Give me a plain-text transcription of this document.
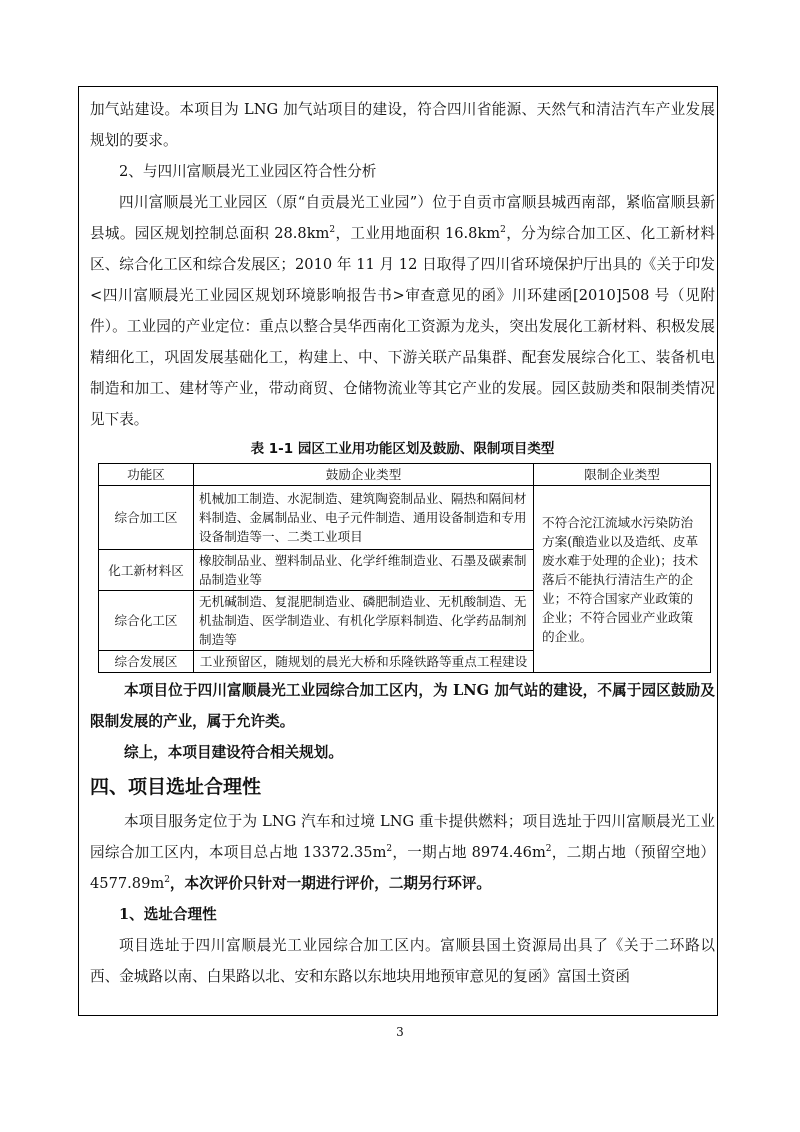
加气站建设。本项目为 LNG 加气站项目的建设，符合四川省能源、天然气和清洁汽车产业发展规划的要求。

2、与四川富顺晨光工业园区符合性分析

四川富顺晨光工业园区（原“自贡晨光工业园”）位于自贡市富顺县城西南部，紧临富顺县新县城。园区规划控制总面积 $28.8km^2$，工业用地面积 $16.8km^2$，分为综合加工区、化工新材料区、综合化工区和综合发展区；2010 年 11 月 12 日取得了四川省环境保护厅出具的《关于印发<四川富顺晨光工业园区规划环境影响报告书>审查意见的函》川环建函[2010]508 号（见附件）。工业园的产业定位：重点以整合昊华西南化工资源为龙头，突出发展化工新材料、积极发展精细化工，巩固发展基础化工，构建上、中、下游关联产品集群、配套发展综合化工、装备机电制造和加工、建材等产业，带动商贸、仓储物流业等其它产业的发展。园区鼓励类和限制类情况见下表。

表 1-1 园区工业用功能区划及鼓励、限制项目类型
功能区	鼓励企业类型	限制企业类型
综合加工区	机械加工制造、水泥制造、建筑陶瓷制品业、隔热和隔间材料制造、金属制品业、电子元件制造、通用设备制造和专用设备制造等一、二类工业项目	不符合沱江流域水污染防治方案(酿造业以及造纸、皮革废水难于处理的企业)；技术落后不能执行清洁生产的企业；不符合国家产业政策的企业；不符合园业产业政策的企业。
化工新材料区	橡胶制品业、塑料制品业、化学纤维制造业、石墨及碳素制品制造业等	
综合化工区	无机碱制造、复混肥制造业、磷肥制造业、无机酸制造、无机盐制造、医学制造业、有机化学原料制造、化学药品制剂制造等	
综合发展区	工业预留区，随规划的晨光大桥和乐隆铁路等重点工程建设	

本项目位于四川富顺晨光工业园综合加工区内，为 LNG 加气站的建设，不属于园区鼓励及限制发展的产业，属于允许类。

综上，本项目建设符合相关规划。

四、项目选址合理性

本项目服务定位于为 LNG 汽车和过境 LNG 重卡提供燃料；项目选址于四川富顺晨光工业园综合加工区内，本项目总占地 $13372.35m^2$，一期占地 $8974.46m^2$，二期占地（预留空地）$4577.89m^2$，本次评价只针对一期进行评价，二期另行环评。

1、选址合理性

项目选址于四川富顺晨光工业园综合加工区内。富顺县国土资源局出具了《关于二环路以西、金城路以南、白果路以北、安和东路以东地块用地预审意见的复函》富国土资函

3
